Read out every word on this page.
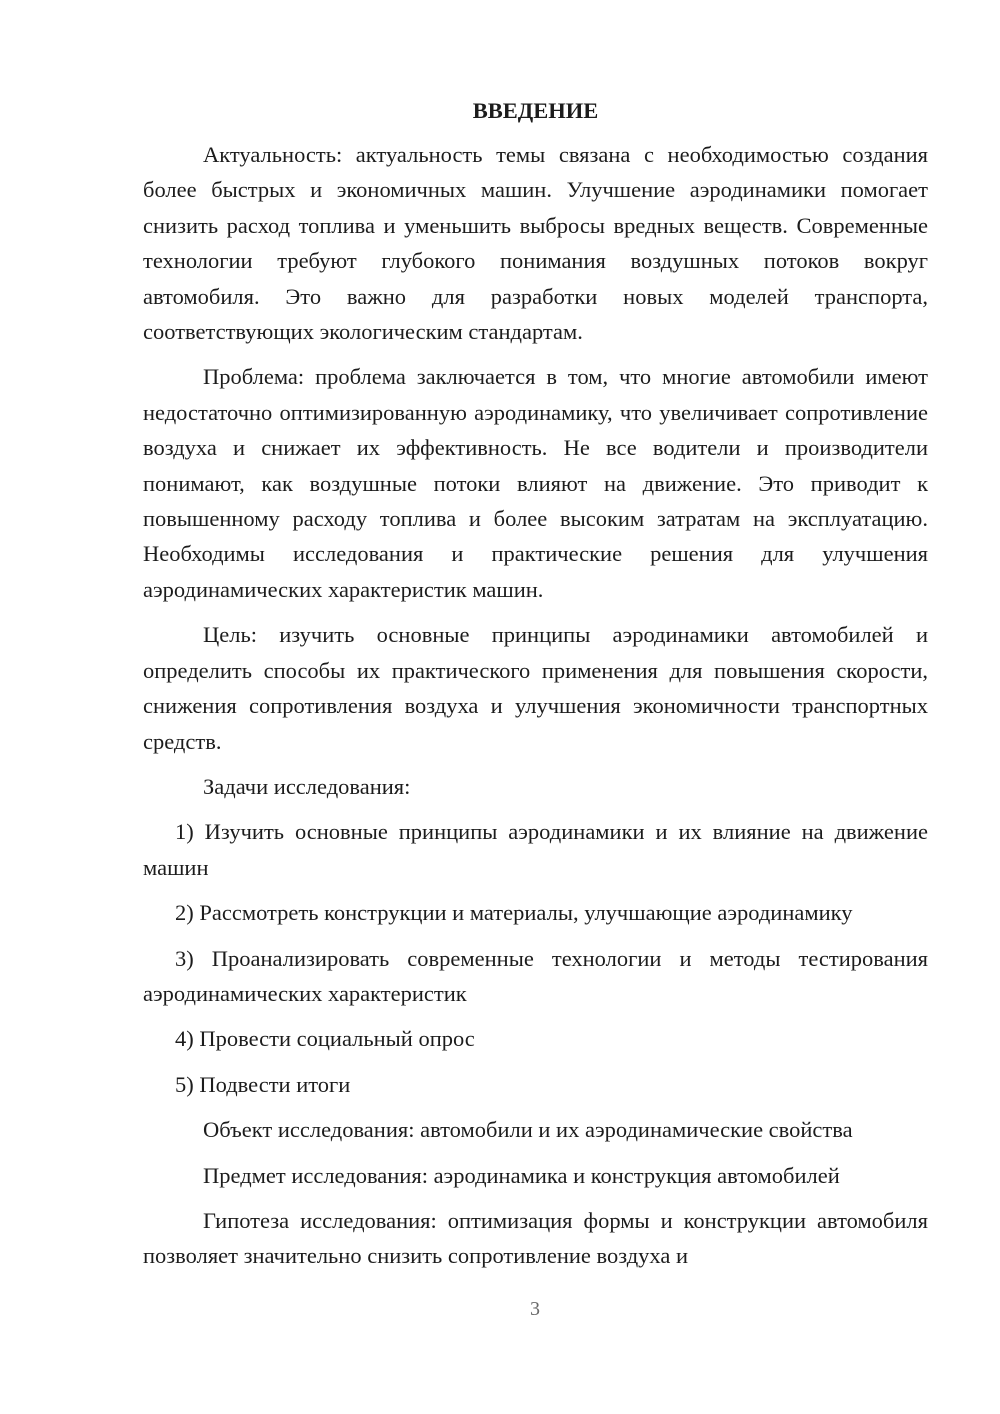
ВВЕДЕНИЕ

Актуальность: актуальность темы связана с необходимостью создания более быстрых и экономичных машин. Улучшение аэродинамики помогает снизить расход топлива и уменьшить выбросы вредных веществ. Современные технологии требуют глубокого понимания воздушных потоков вокруг автомобиля. Это важно для разработки новых моделей транспорта, соответствующих экологическим стандартам.

Проблема: проблема заключается в том, что многие автомобили имеют недостаточно оптимизированную аэродинамику, что увеличивает сопротивление воздуха и снижает их эффективность. Не все водители и производители понимают, как воздушные потоки влияют на движение. Это приводит к повышенному расходу топлива и более высоким затратам на эксплуатацию. Необходимы исследования и практические решения для улучшения аэродинамических характеристик машин.

Цель: изучить основные принципы аэродинамики автомобилей и определить способы их практического применения для повышения скорости, снижения сопротивления воздуха и улучшения экономичности транспортных средств.

Задачи исследования:

1) Изучить основные принципы аэродинамики и их влияние на движение машин

2) Рассмотреть конструкции и материалы, улучшающие аэродинамику

3) Проанализировать современные технологии и методы тестирования аэродинамических характеристик

4) Провести социальный опрос

5) Подвести итоги

Объект исследования: автомобили и их аэродинамические свойства

Предмет исследования: аэродинамика и конструкция автомобилей

Гипотеза исследования: оптимизация формы и конструкции автомобиля позволяет значительно снизить сопротивление воздуха и

3
